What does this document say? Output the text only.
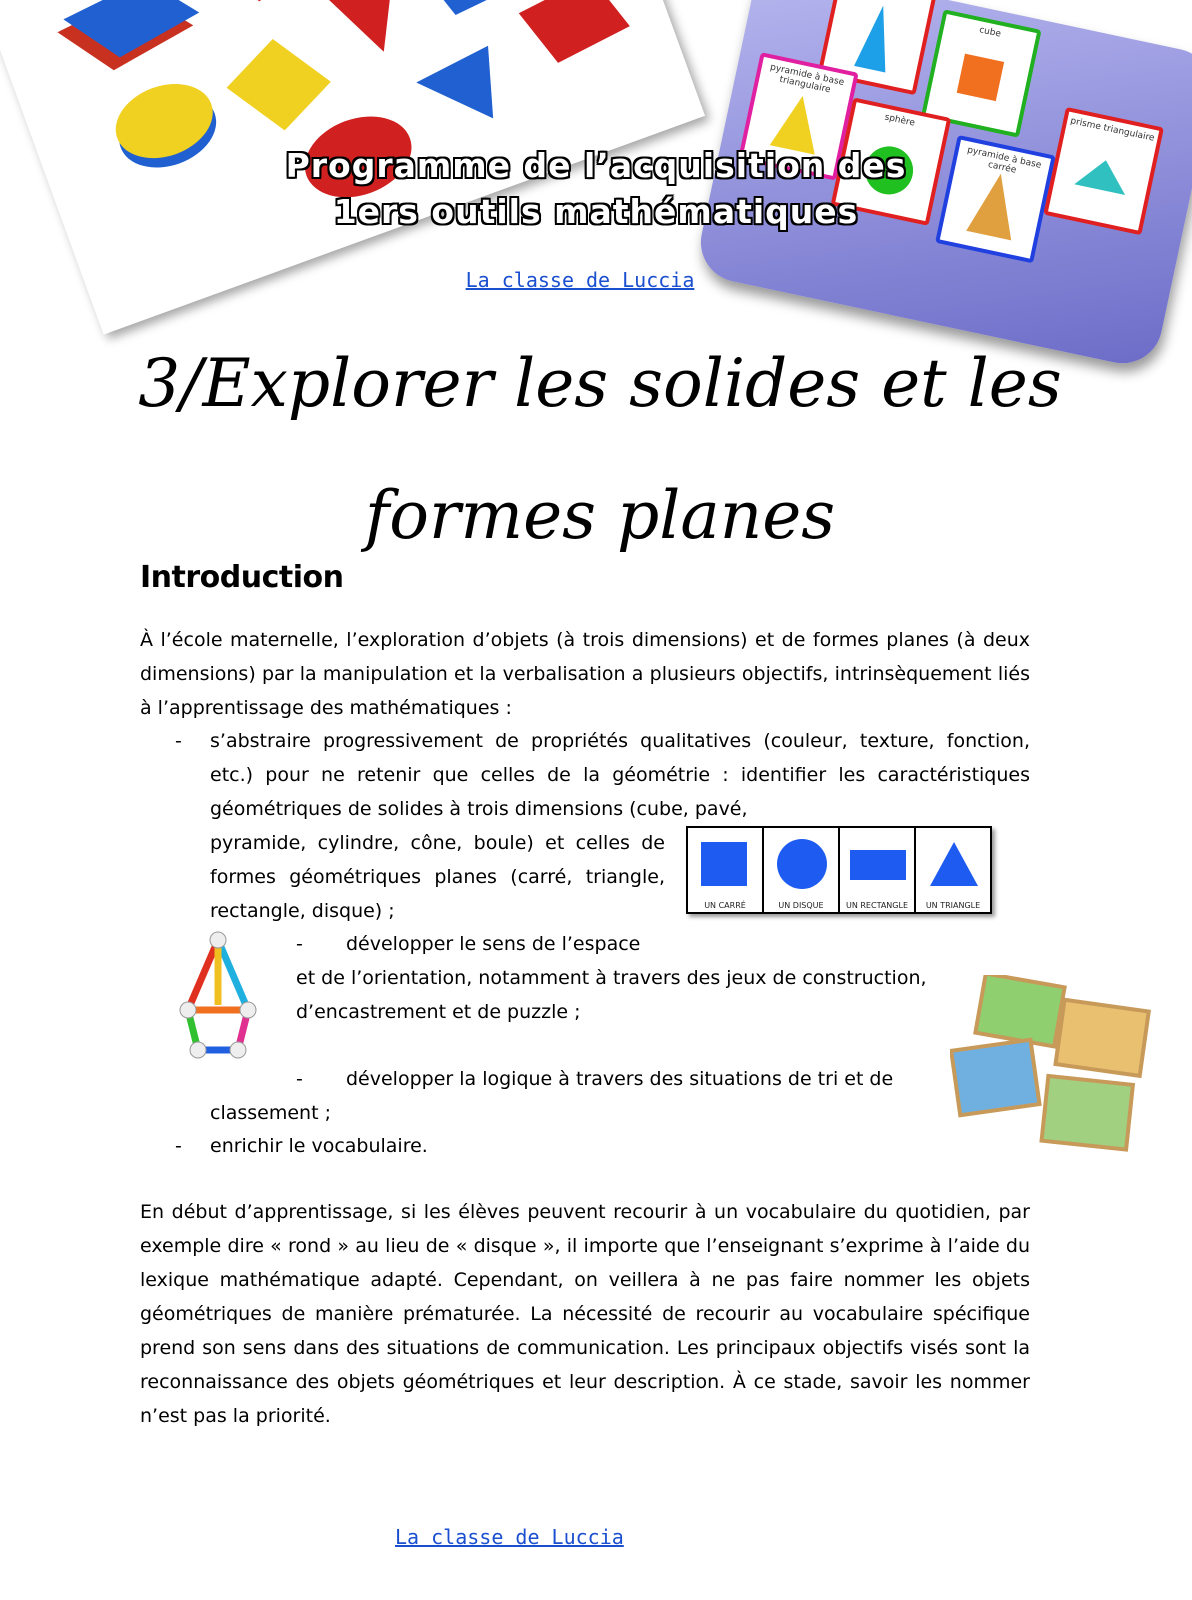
cube
pyramide à base triangulaire
sphère
pyramide à base carrée
prisme triangulaire
Programme de l’acquisition des
1ers outils mathématiques
La classe de Luccia
3/Explorer les solides et les
formes planes
Introduction
À l’école maternelle, l’exploration d’objets (à trois dimensions) et de formes planes (à deux dimensions) par la manipulation et la verbalisation a plusieurs objectifs, intrinsèquement liés à l’apprentissage des mathématiques :
- s’abstraire progressivement de propriétés qualitatives (couleur, texture, fonction, etc.) pour ne retenir que celles de la géométrie : identifier les caractéristiques géométriques de solides à trois dimensions (cube, pavé,
pyramide, cylindre, cône, boule) et celles de formes géométriques planes (carré, triangle, rectangle, disque) ;	UN CARRÉ	UN DISQUE	UN RECTANGLE	UN TRIANGLE
- développer le sens de l’espace
et de l’orientation, notamment à travers des jeux de construction, d’encastrement et de puzzle ;
- développer la logique à travers des situations de tri et de
classement ;
- enrichir le vocabulaire.
En début d’apprentissage, si les élèves peuvent recourir à un vocabulaire du quotidien, par exemple dire « rond » au lieu de « disque », il importe que l’enseignant s’exprime à l’aide du lexique mathématique adapté. Cependant, on veillera à ne pas faire nommer les objets géométriques de manière prématurée. La nécessité de recourir au vocabulaire spécifique prend son sens dans des situations de communication. Les principaux objectifs visés sont la reconnaissance des objets géométriques et leur description. À ce stade, savoir les nommer n’est pas la priorité.
La classe de Luccia
